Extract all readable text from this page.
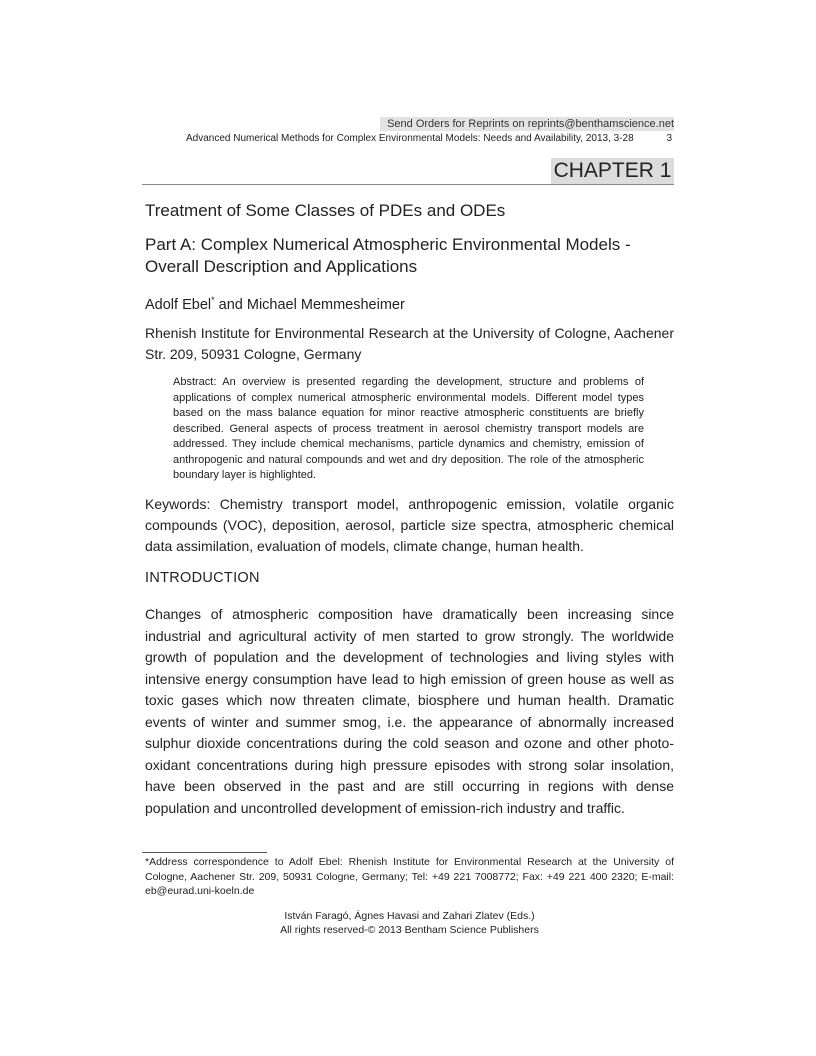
Send Orders for Reprints on reprints@benthamscience.net
Advanced Numerical Methods for Complex Environmental Models: Needs and Availability, 2013, 3-28	3
CHAPTER 1
Treatment of Some Classes of PDEs and ODEs
Part A: Complex Numerical Atmospheric Environmental Models - Overall Description and Applications
Adolf Ebel* and Michael Memmesheimer
Rhenish Institute for Environmental Research at the University of Cologne, Aachener Str. 209, 50931 Cologne, Germany
Abstract: An overview is presented regarding the development, structure and problems of applications of complex numerical atmospheric environmental models. Different model types based on the mass balance equation for minor reactive atmospheric constituents are briefly described. General aspects of process treatment in aerosol chemistry transport models are addressed. They include chemical mechanisms, particle dynamics and chemistry, emission of anthropogenic and natural compounds and wet and dry deposition. The role of the atmospheric boundary layer is highlighted.
Keywords: Chemistry transport model, anthropogenic emission, volatile organic compounds (VOC), deposition, aerosol, particle size spectra, atmospheric chemical data assimilation, evaluation of models, climate change, human health.
INTRODUCTION
Changes of atmospheric composition have dramatically been increasing since industrial and agricultural activity of men started to grow strongly. The worldwide growth of population and the development of technologies and living styles with intensive energy consumption have lead to high emission of green house as well as toxic gases which now threaten climate, biosphere und human health. Dramatic events of winter and summer smog, i.e. the appearance of abnormally increased sulphur dioxide concentrations during the cold season and ozone and other photo-oxidant concentrations during high pressure episodes with strong solar insolation, have been observed in the past and are still occurring in regions with dense population and uncontrolled development of emission-rich industry and traffic.
*Address correspondence to Adolf Ebel: Rhenish Institute for Environmental Research at the University of Cologne, Aachener Str. 209, 50931 Cologne, Germany; Tel: +49 221 7008772; Fax: +49 221 400 2320; E-mail: eb@eurad.uni-koeln.de
István Faragó, Ágnes Havasi and Zahari Zlatev (Eds.)
All rights reserved-© 2013 Bentham Science Publishers
